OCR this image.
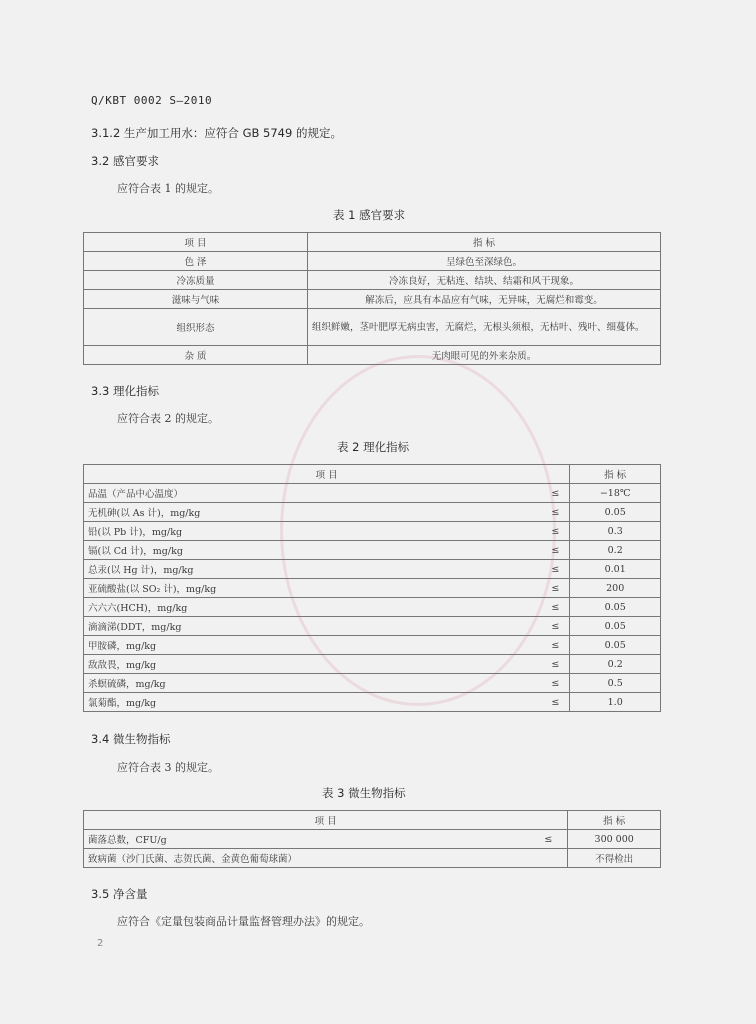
Q/KBT 0002 S—2010
3.1.2 生产加工用水：应符合 GB 5749 的规定。
3.2 感官要求
应符合表 1 的规定。
表 1 感官要求
项 目	指 标
色 泽	呈绿色至深绿色。
冷冻质量	冷冻良好，无粘连、结块、结霜和风干现象。
滋味与气味	解冻后，应具有本品应有气味，无异味，无腐烂和霉变。
组织形态	组织鲜嫩，茎叶肥厚无病虫害，无腐烂，无根头须根，无枯叶、残叶、细蔓体。
杂 质	无肉眼可见的外来杂质。
3.3 理化指标
应符合表 2 的规定。
表 2 理化指标
项 目		指 标
品温（产品中心温度）	≤	−18℃
无机砷(以 As 计)，mg/kg	≤	0.05
铅(以 Pb 计)，mg/kg	≤	0.3
镉(以 Cd 计)，mg/kg	≤	0.2
总汞(以 Hg 计)，mg/kg	≤	0.01
亚硫酸盐(以 SO₂ 计)，mg/kg	≤	200
六六六(HCH)，mg/kg	≤	0.05
滴滴涕(DDT，mg/kg	≤	0.05
甲胺磷，mg/kg	≤	0.05
敌敌畏，mg/kg	≤	0.2
杀螟硫磷，mg/kg	≤	0.5
氯菊酯，mg/kg	≤	1.0
3.4 微生物指标
应符合表 3 的规定。
表 3 微生物指标
项 目		指 标
菌落总数，CFU/g	≤	300 000
致病菌（沙门氏菌、志贺氏菌、金黄色葡萄球菌）		不得检出
3.5 净含量
应符合《定量包装商品计量监督管理办法》的规定。
2
